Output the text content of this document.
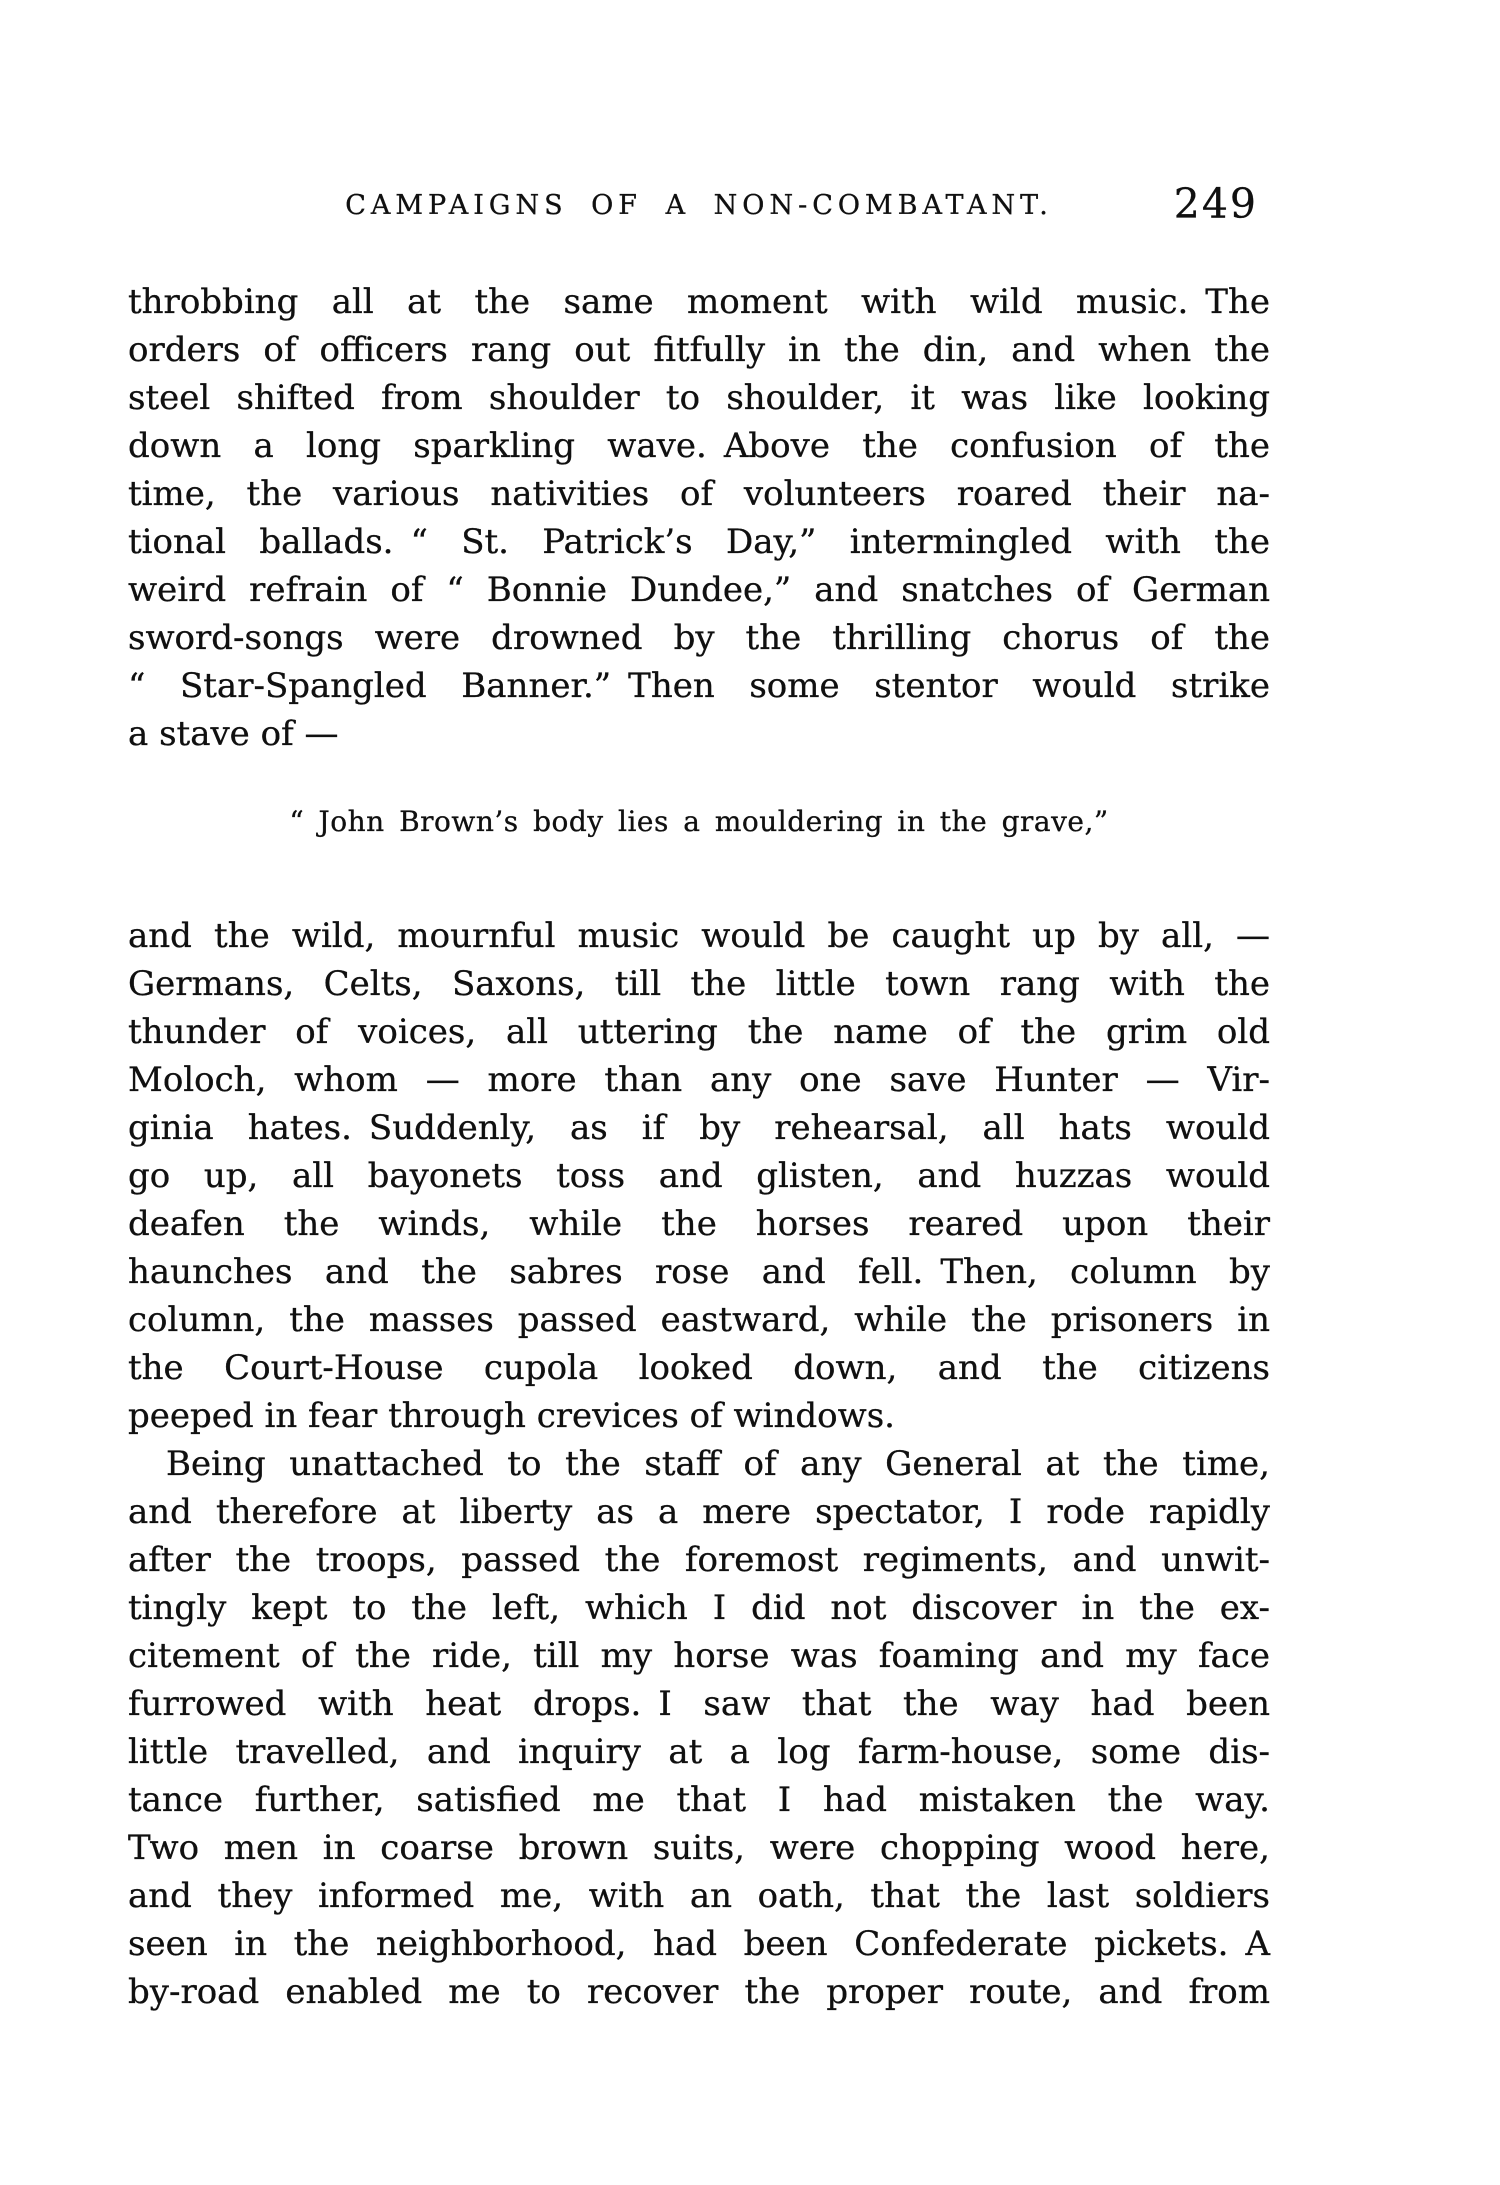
CAMPAIGNS OF A NON-COMBATANT.	249
throbbing all at the same moment with wild music. The
orders of officers rang out fitfully in the din, and when the
steel shifted from shoulder to shoulder, it was like looking
down a long sparkling wave. Above the confusion of the
time, the various nativities of volunteers roared their na-
tional ballads. “ St. Patrick’s Day,” intermingled with the
weird refrain of “ Bonnie Dundee,” and snatches of German
sword-songs were drowned by the thrilling chorus of the
“ Star-Spangled Banner.” Then some stentor would strike
a stave of —
“ John Brown’s body lies a mouldering in the grave,”
and the wild, mournful music would be caught up by all, —
Germans, Celts, Saxons, till the little town rang with the
thunder of voices, all uttering the name of the grim old
Moloch, whom — more than any one save Hunter — Vir-
ginia hates. Suddenly, as if by rehearsal, all hats would
go up, all bayonets toss and glisten, and huzzas would
deafen the winds, while the horses reared upon their
haunches and the sabres rose and fell. Then, column by
column, the masses passed eastward, while the prisoners in
the Court-House cupola looked down, and the citizens
peeped in fear through crevices of windows.
Being unattached to the staff of any General at the time,
and therefore at liberty as a mere spectator, I rode rapidly
after the troops, passed the foremost regiments, and unwit-
tingly kept to the left, which I did not discover in the ex-
citement of the ride, till my horse was foaming and my face
furrowed with heat drops. I saw that the way had been
little travelled, and inquiry at a log farm-house, some dis-
tance further, satisfied me that I had mistaken the way.
Two men in coarse brown suits, were chopping wood here,
and they informed me, with an oath, that the last soldiers
seen in the neighborhood, had been Confederate pickets. A
by-road enabled me to recover the proper route, and from
